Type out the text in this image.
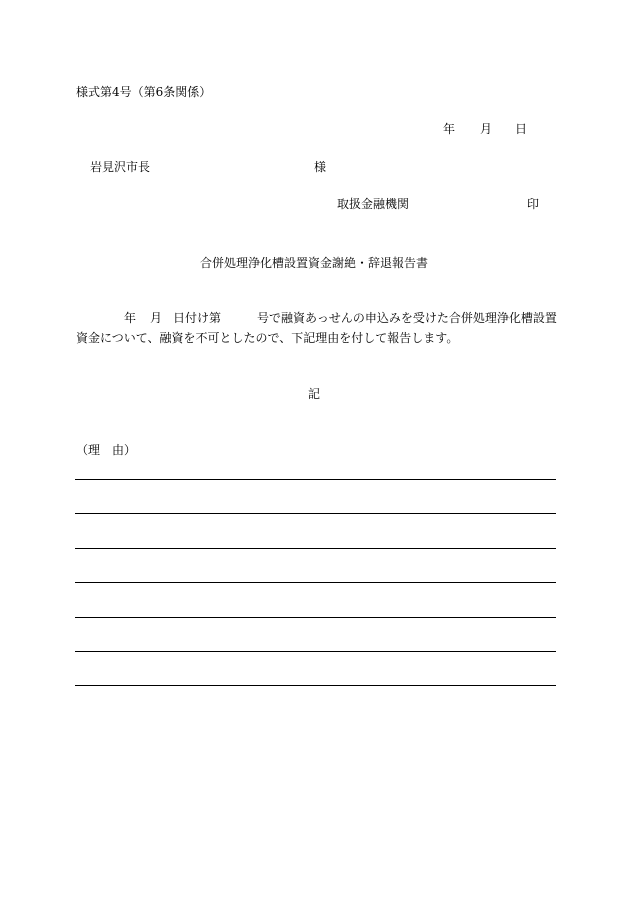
様式第4号（第6条関係）
年 月 日
岩見沢市長	様
取扱金融機関	印
合併処理浄化槽設置資金謝絶・辞退報告書
年 月 日付け第	号で融資あっせんの申込みを受けた合併処理浄化槽設置
資金について、融資を不可としたので、下記理由を付して報告します。
記
（理　由）
